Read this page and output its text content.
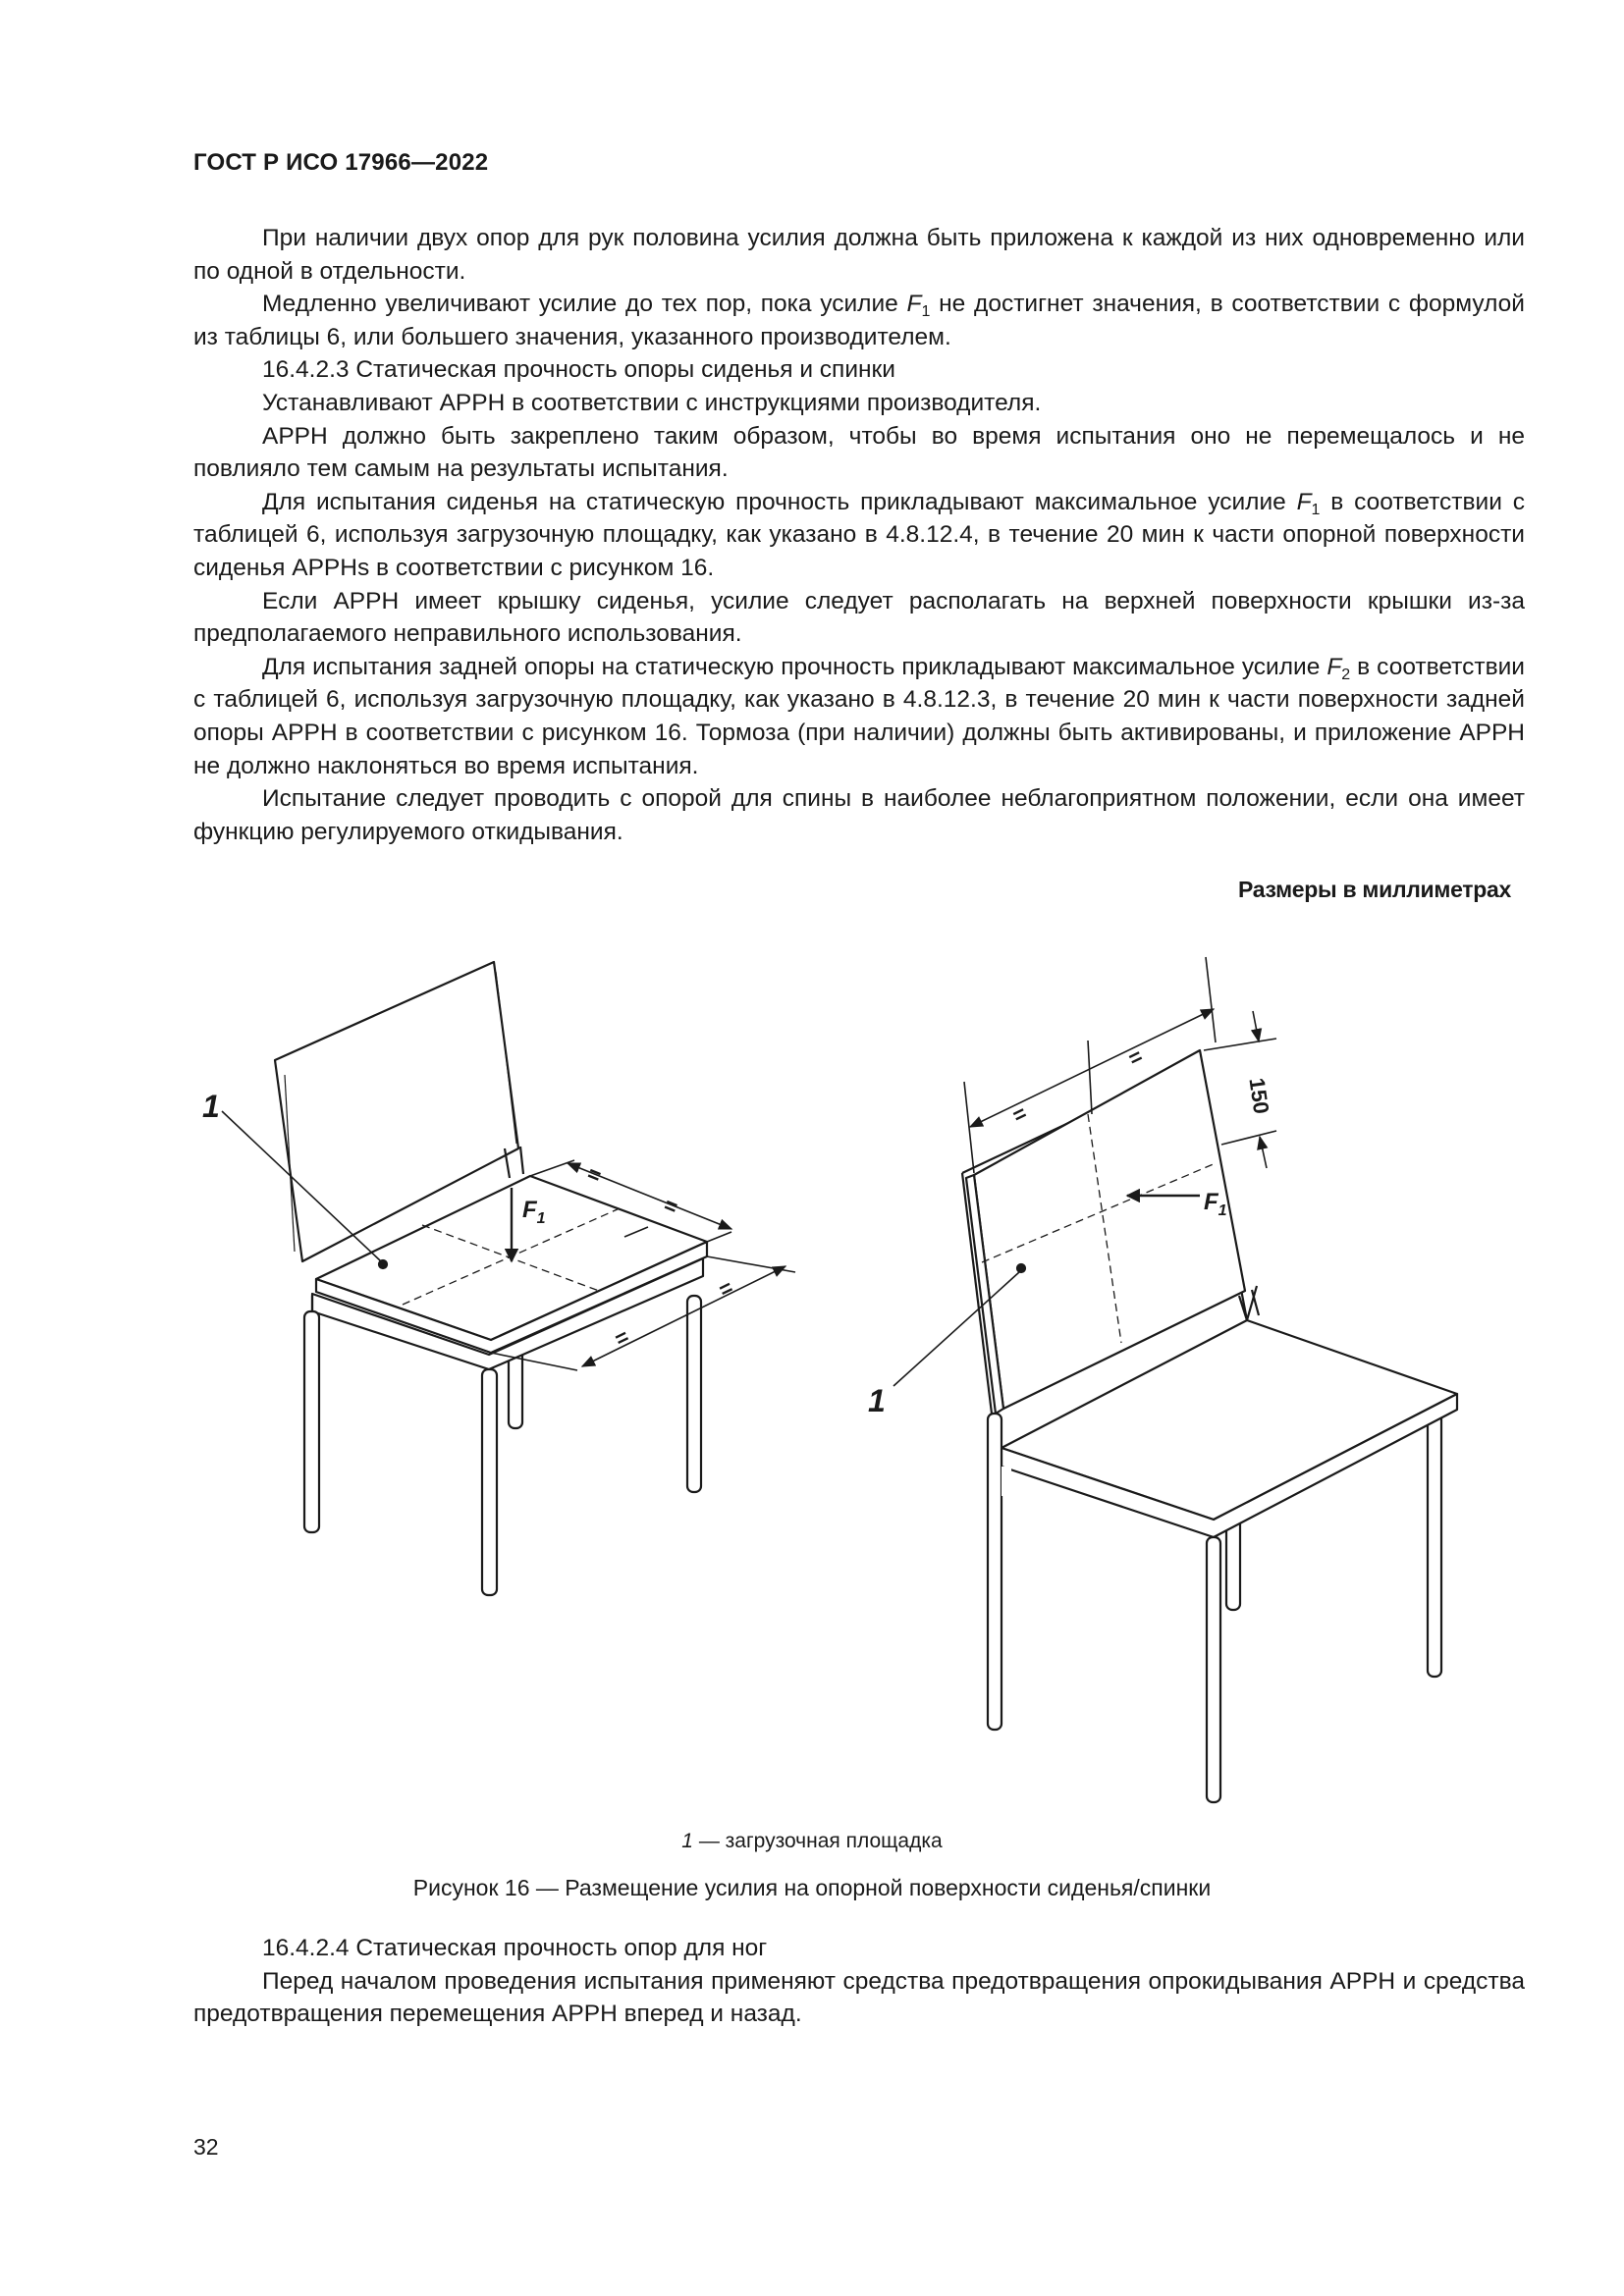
ГОСТ Р ИСО 17966—2022

При наличии двух опор для рук половина усилия должна быть приложена к каждой из них одновременно или по одной в отдельности.

Медленно увеличивают усилие до тех пор, пока усилие $F_1$ не достигнет значения, в соответствии с формулой из таблицы 6, или большего значения, указанного производителем.

16.4.2.3 Статическая прочность опоры сиденья и спинки

Устанавливают АРРН в соответствии с инструкциями производителя.

АРРН должно быть закреплено таким образом, чтобы во время испытания оно не перемещалось и не повлияло тем самым на результаты испытания.

Для испытания сиденья на статическую прочность прикладывают максимальное усилие $F_1$ в соответствии с таблицей 6, используя загрузочную площадку, как указано в 4.8.12.4, в течение 20 мин к части опорной поверхности сиденья АРРНs в соответствии с рисунком 16.

Если АРРН имеет крышку сиденья, усилие следует располагать на верхней поверхности крышки из-за предполагаемого неправильного использования.

Для испытания задней опоры на статическую прочность прикладывают максимальное усилие $F_2$ в соответствии с таблицей 6, используя загрузочную площадку, как указано в 4.8.12.3, в течение 20 мин к части поверхности задней опоры АРРН в соответствии с рисунком 16. Тормоза (при наличии) должны быть активированы, и приложение АРРН не должно наклоняться во время испытания.

Испытание следует проводить с опорой для спины в наиболее неблагоприятном положении, если она имеет функцию регулируемого откидывания.

Размеры в миллиметрах
=
=
=
=
1
$F_1$
=
=
150
1
$F_1$
1 — загрузочная площадка
Рисунок 16 — Размещение усилия на опорной поверхности сиденья/спинки

16.4.2.4 Статическая прочность опор для ног

Перед началом проведения испытания применяют средства предотвращения опрокидывания АРРН и средства предотвращения перемещения АРРН вперед и назад.

32
